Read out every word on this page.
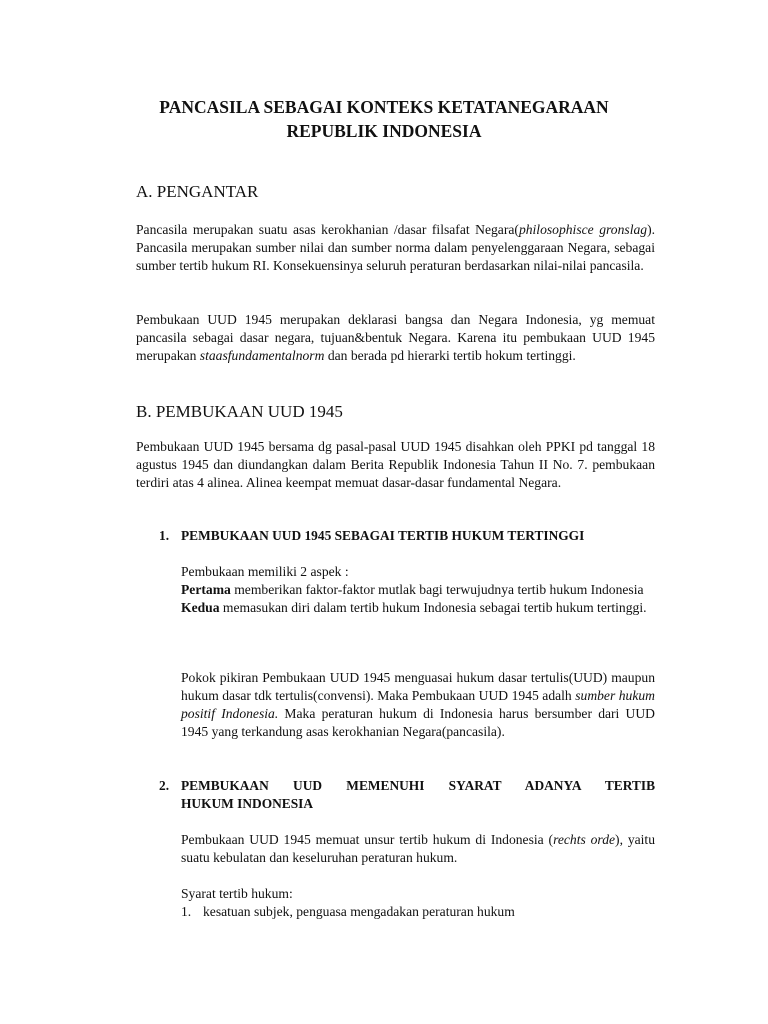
PANCASILA SEBAGAI KONTEKS KETATANEGARAAN
REPUBLIK INDONESIA
A. PENGANTAR
Pancasila merupakan suatu asas kerokhanian /dasar filsafat Negara(philosophisce gronslag). Pancasila merupakan sumber nilai dan sumber norma dalam penyelenggaraan Negara, sebagai sumber tertib hukum RI. Konsekuensinya seluruh peraturan berdasarkan nilai-nilai pancasila.
Pembukaan UUD 1945 merupakan deklarasi bangsa dan Negara Indonesia, yg memuat pancasila sebagai dasar negara, tujuan&bentuk Negara. Karena itu pembukaan UUD 1945 merupakan staasfundamentalnorm dan berada pd hierarki tertib hokum tertinggi.
B. PEMBUKAAN UUD 1945
Pembukaan UUD 1945 bersama dg pasal-pasal UUD 1945 disahkan oleh PPKI pd tanggal 18 agustus 1945 dan diundangkan dalam Berita Republik Indonesia Tahun II No. 7. pembukaan terdiri atas 4 alinea. Alinea keempat memuat dasar-dasar fundamental Negara.
1. PEMBUKAAN UUD 1945 SEBAGAI TERTIB HUKUM TERTINGGI
Pembukaan memiliki 2 aspek :
Pertama memberikan faktor-faktor mutlak bagi terwujudnya tertib hukum Indonesia
Kedua memasukan diri dalam tertib hukum Indonesia sebagai tertib hukum tertinggi.
Pokok pikiran Pembukaan UUD 1945 menguasai hukum dasar tertulis(UUD) maupun hukum dasar tdk tertulis(convensi). Maka Pembukaan UUD 1945 adalh sumber hukum positif Indonesia. Maka peraturan hukum di Indonesia harus bersumber dari UUD 1945 yang terkandung asas kerokhanian Negara(pancasila).
2. PEMBUKAAN UUD MEMENUHI SYARAT ADANYA TERTIB
HUKUM INDONESIA
Pembukaan UUD 1945 memuat unsur tertib hukum di Indonesia (rechts orde), yaitu suatu kebulatan dan keseluruhan peraturan hukum.
Syarat tertib hukum:
1. kesatuan subjek, penguasa mengadakan peraturan hukum
